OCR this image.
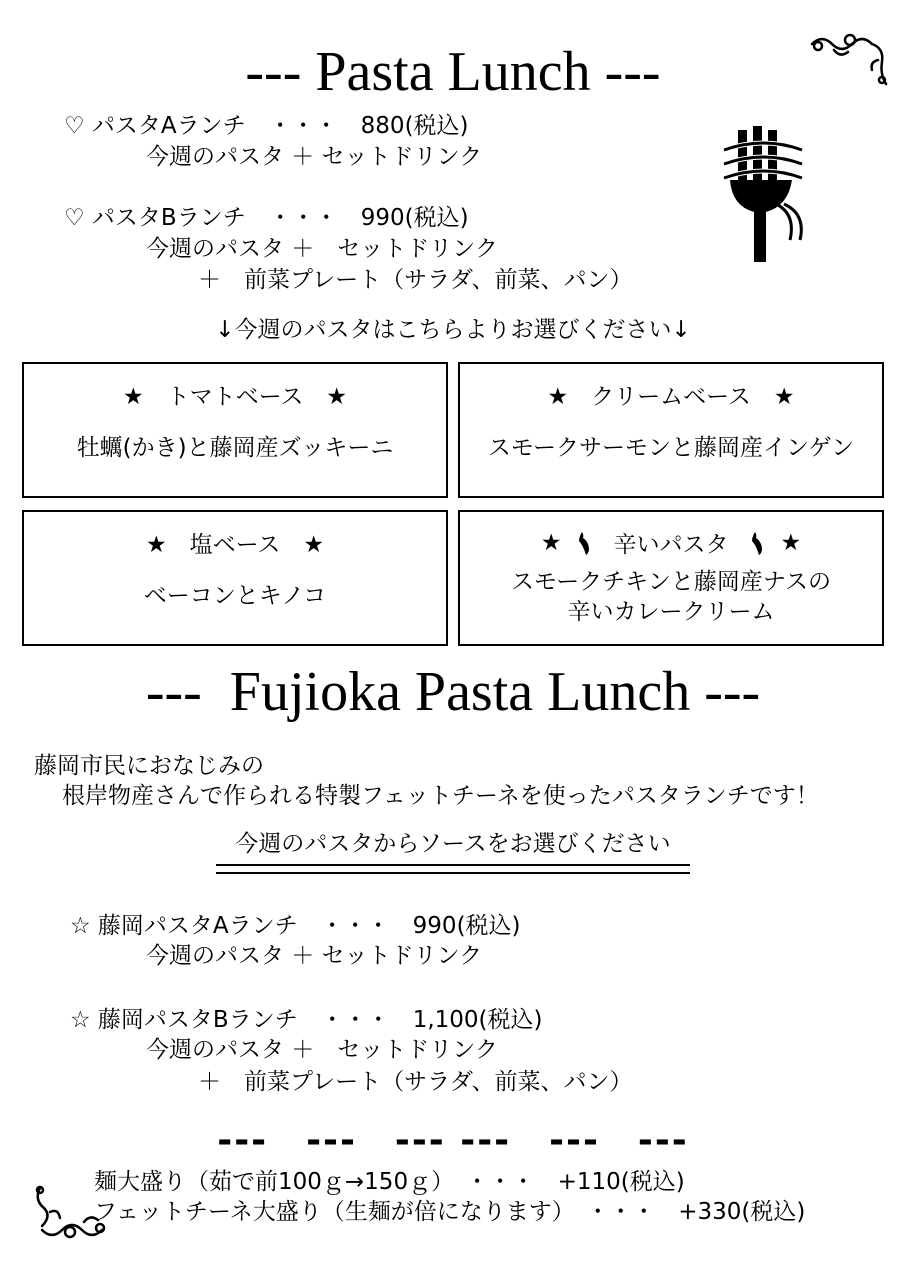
--- Pasta Lunch ---
♡ パスタAランチ　・・・　880(税込)
今週のパスタ ＋ セットドリンク
♡ パスタBランチ　・・・　990(税込)
今週のパスタ ＋　セットドリンク
＋　前菜プレート（サラダ、前菜、パン）
↓今週のパスタはこちらよりお選びください↓
★　トマトベース　★
牡蠣(かき)と藤岡産ズッキーニ
★　クリームベース　★
スモークサーモンと藤岡産インゲン
★　塩ベース　★
ベーコンとキノコ
★ 辛いパスタ ★
スモークチキンと藤岡産ナスの
辛いカレークリーム
---  Fujioka Pasta Lunch ---
藤岡市民におなじみの
根岸物産さんで作られる特製フェットチーネを使ったパスタランチです！
今週のパスタからソースをお選びください
☆ 藤岡パスタAランチ　・・・　990(税込)
今週のパスタ ＋ セットドリンク
☆ 藤岡パスタBランチ　・・・　1,100(税込)
今週のパスタ ＋　セットドリンク
＋　前菜プレート（サラダ、前菜、パン）
---　---　--- ---　---　---
麺大盛り（茹で前100ｇ→150ｇ）　・・・　+110(税込)
フェットチーネ大盛り（生麺が倍になります）　・・・　+330(税込)
